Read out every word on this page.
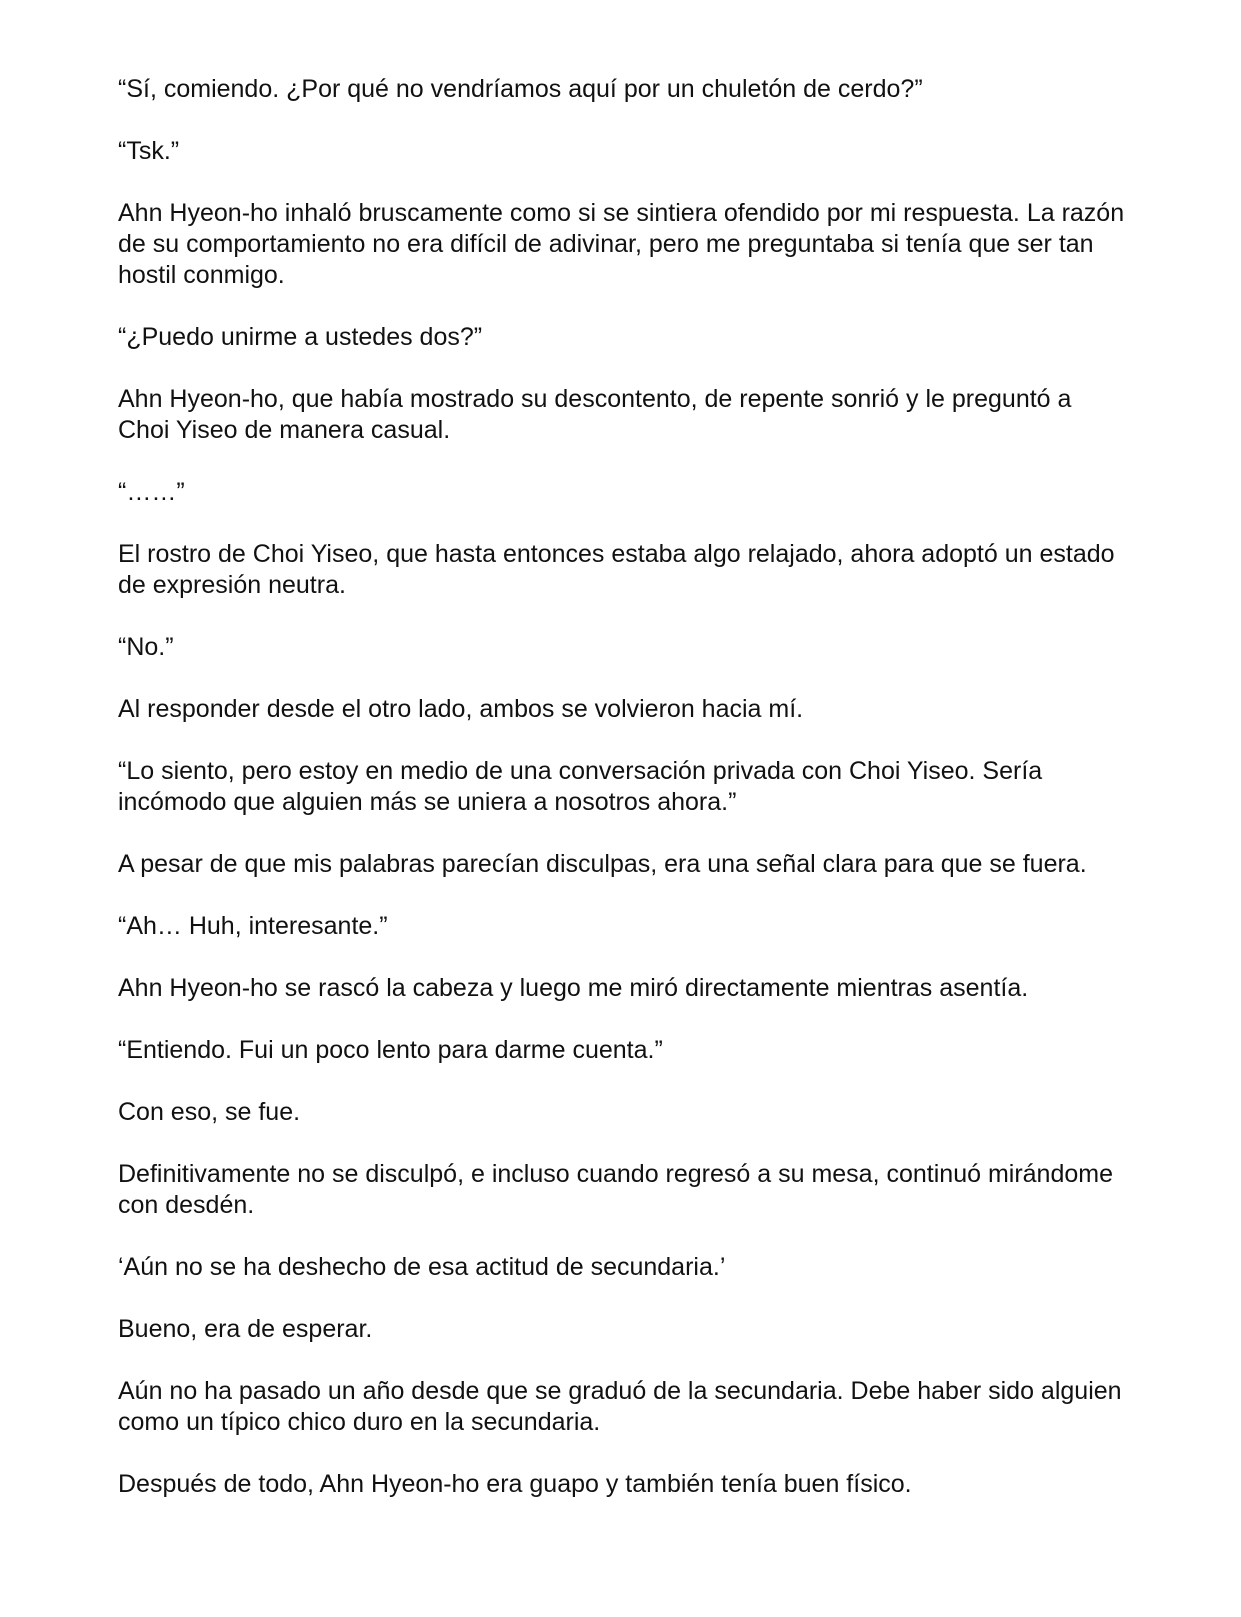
“Sí, comiendo. ¿Por qué no vendríamos aquí por un chuletón de cerdo?”

“Tsk.”

Ahn Hyeon-ho inhaló bruscamente como si se sintiera ofendido por mi respuesta. La razón de su comportamiento no era difícil de adivinar, pero me preguntaba si tenía que ser tan hostil conmigo.

“¿Puedo unirme a ustedes dos?”

Ahn Hyeon-ho, que había mostrado su descontento, de repente sonrió y le preguntó a Choi Yiseo de manera casual.

“……”

El rostro de Choi Yiseo, que hasta entonces estaba algo relajado, ahora adoptó un estado de expresión neutra.

“No.”

Al responder desde el otro lado, ambos se volvieron hacia mí.

“Lo siento, pero estoy en medio de una conversación privada con Choi Yiseo. Sería incómodo que alguien más se uniera a nosotros ahora.”

A pesar de que mis palabras parecían disculpas, era una señal clara para que se fuera.

“Ah… Huh, interesante.”

Ahn Hyeon-ho se rascó la cabeza y luego me miró directamente mientras asentía.

“Entiendo. Fui un poco lento para darme cuenta.”

Con eso, se fue.

Definitivamente no se disculpó, e incluso cuando regresó a su mesa, continuó mirándome con desdén.

‘Aún no se ha deshecho de esa actitud de secundaria.’

Bueno, era de esperar.

Aún no ha pasado un año desde que se graduó de la secundaria. Debe haber sido alguien como un típico chico duro en la secundaria.

Después de todo, Ahn Hyeon-ho era guapo y también tenía buen físico.
